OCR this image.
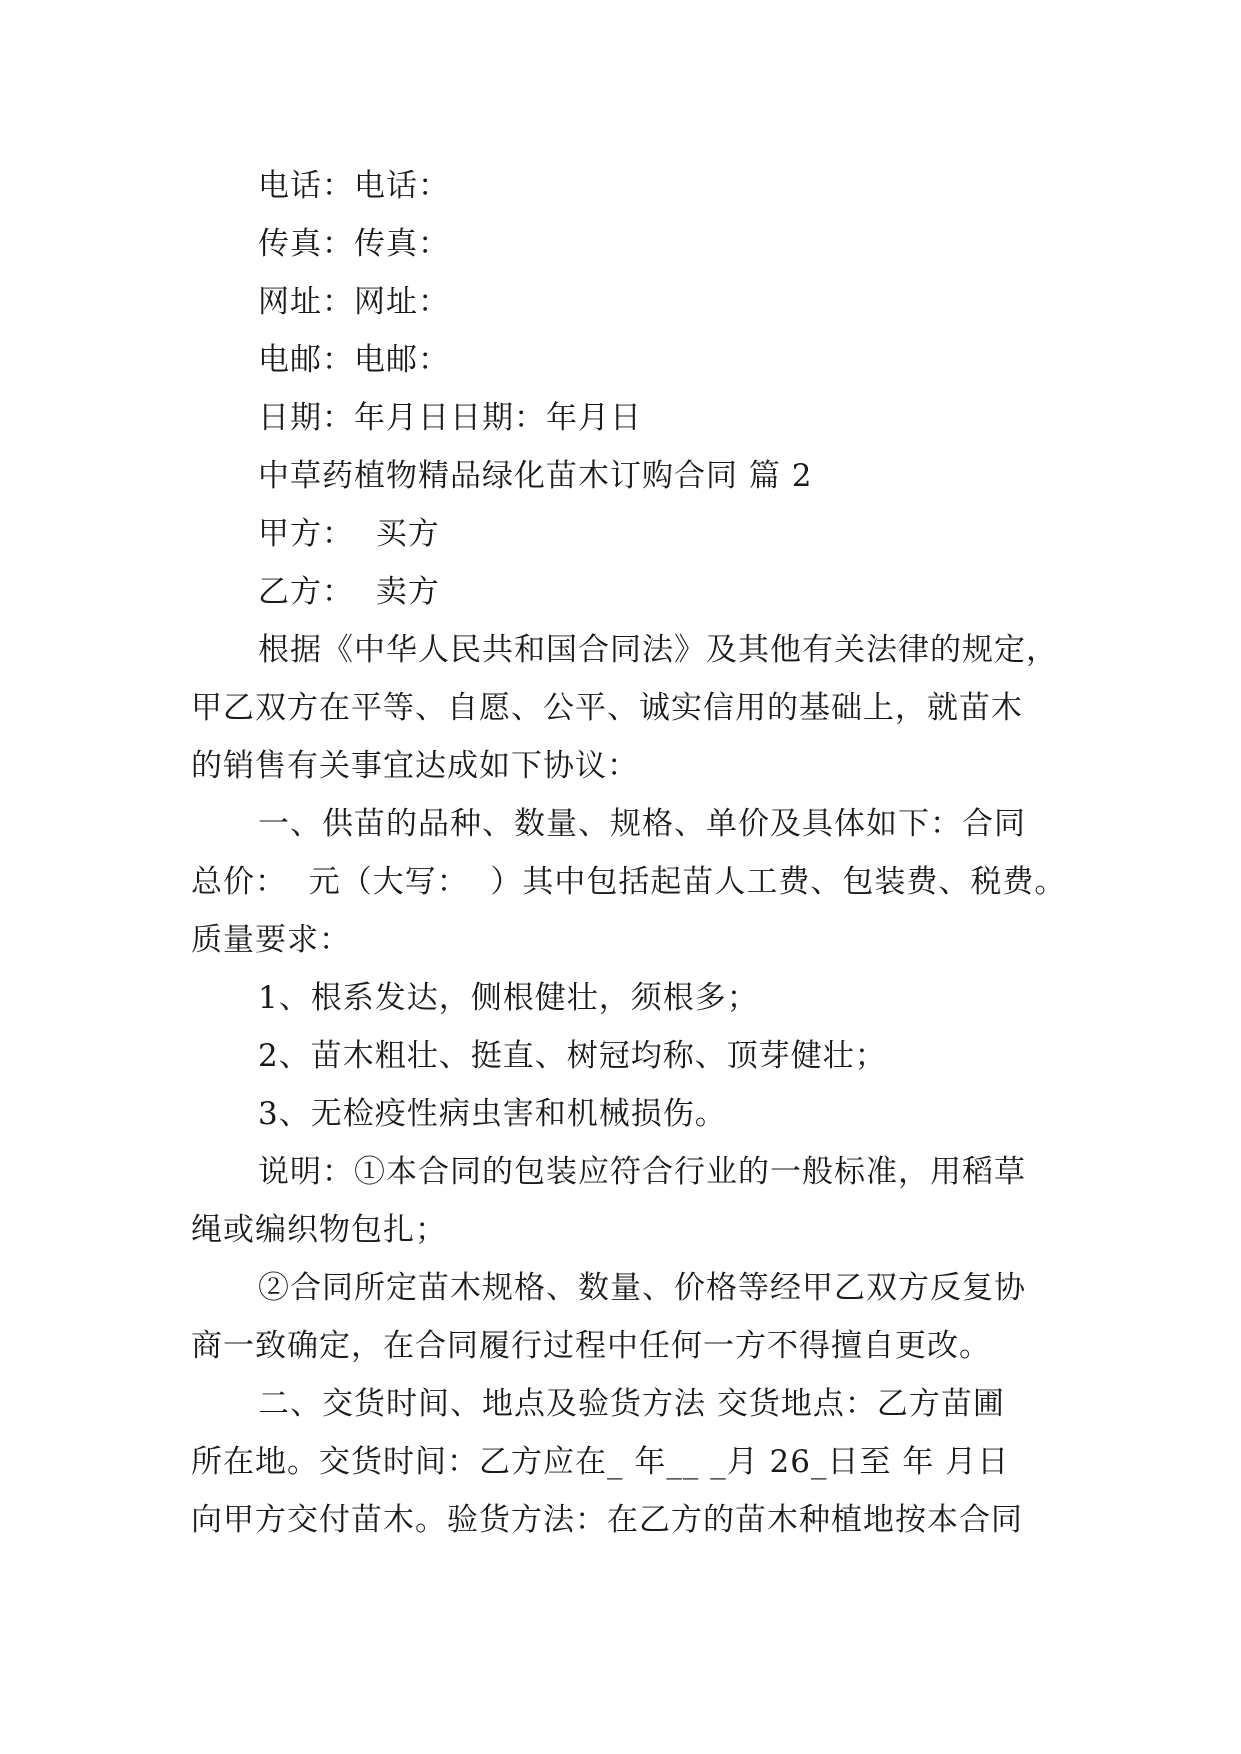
电话：电话：

传真：传真：

网址：网址：

电邮：电邮：

日期：年月日日期：年月日

中草药植物精品绿化苗木订购合同 篇 2

甲方：  买方

乙方：  卖方

根据《中华人民共和国合同法》及其他有关法律的规定，

甲乙双方在平等、自愿、公平、诚实信用的基础上，就苗木

的销售有关事宜达成如下协议：

一、供苗的品种、数量、规格、单价及具体如下：合同

总价：  元（大写：  ）其中包括起苗人工费、包装费、税费。

质量要求：

1、根系发达，侧根健壮，须根多；

2、苗木粗壮、挺直、树冠均称、顶芽健壮；

3、无检疫性病虫害和机械损伤。

说明：①本合同的包装应符合行业的一般标准，用稻草

绳或编织物包扎；

②合同所定苗木规格、数量、价格等经甲乙双方反复协

商一致确定，在合同履行过程中任何一方不得擅自更改。

二、交货时间、地点及验货方法 交货地点：乙方苗圃

所在地。交货时间：乙方应在_ 年__ _月 26_日至 年 月日

向甲方交付苗木。验货方法：在乙方的苗木种植地按本合同
